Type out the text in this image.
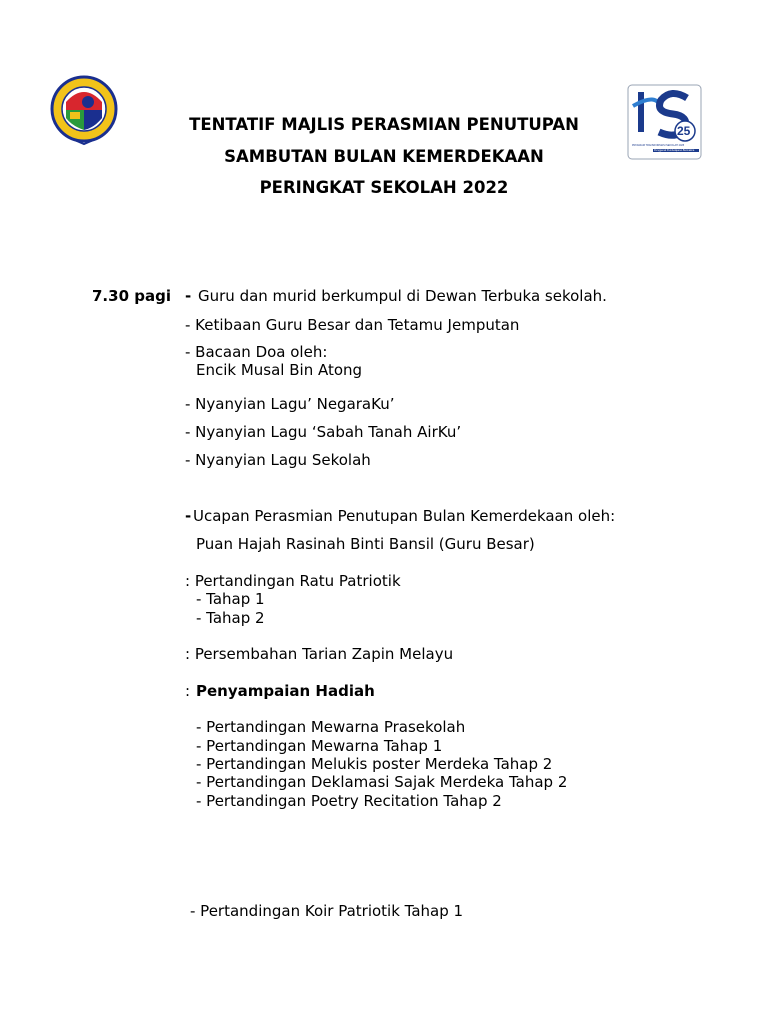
25
PROGRAM TRANSFORMASI SEKOLAH 2025
Penggerak Pembelajaran Bermakna
TENTATIF MAJLIS PERASMIAN PENUTUPAN
SAMBUTAN BULAN KEMERDEKAAN
PERINGKAT SEKOLAH 2022
7.30 pagi - Guru dan murid berkumpul di Dewan Terbuka sekolah.
- Ketibaan Guru Besar dan Tetamu Jemputan
- Bacaan Doa oleh:
Encik Musal Bin Atong
- Nyanyian Lagu’ NegaraKu’
- Nyanyian Lagu ‘Sabah Tanah AirKu’
- Nyanyian Lagu Sekolah
- Ucapan Perasmian Penutupan Bulan Kemerdekaan oleh:
Puan Hajah Rasinah Binti Bansil (Guru Besar)
: Pertandingan Ratu Patriotik
- Tahap 1
- Tahap 2
: Persembahan Tarian Zapin Melayu
: Penyampaian Hadiah
- Pertandingan Mewarna Prasekolah
- Pertandingan Mewarna Tahap 1
- Pertandingan Melukis poster Merdeka Tahap 2
- Pertandingan Deklamasi Sajak Merdeka Tahap 2
- Pertandingan Poetry Recitation Tahap 2
- Pertandingan Koir Patriotik Tahap 1
